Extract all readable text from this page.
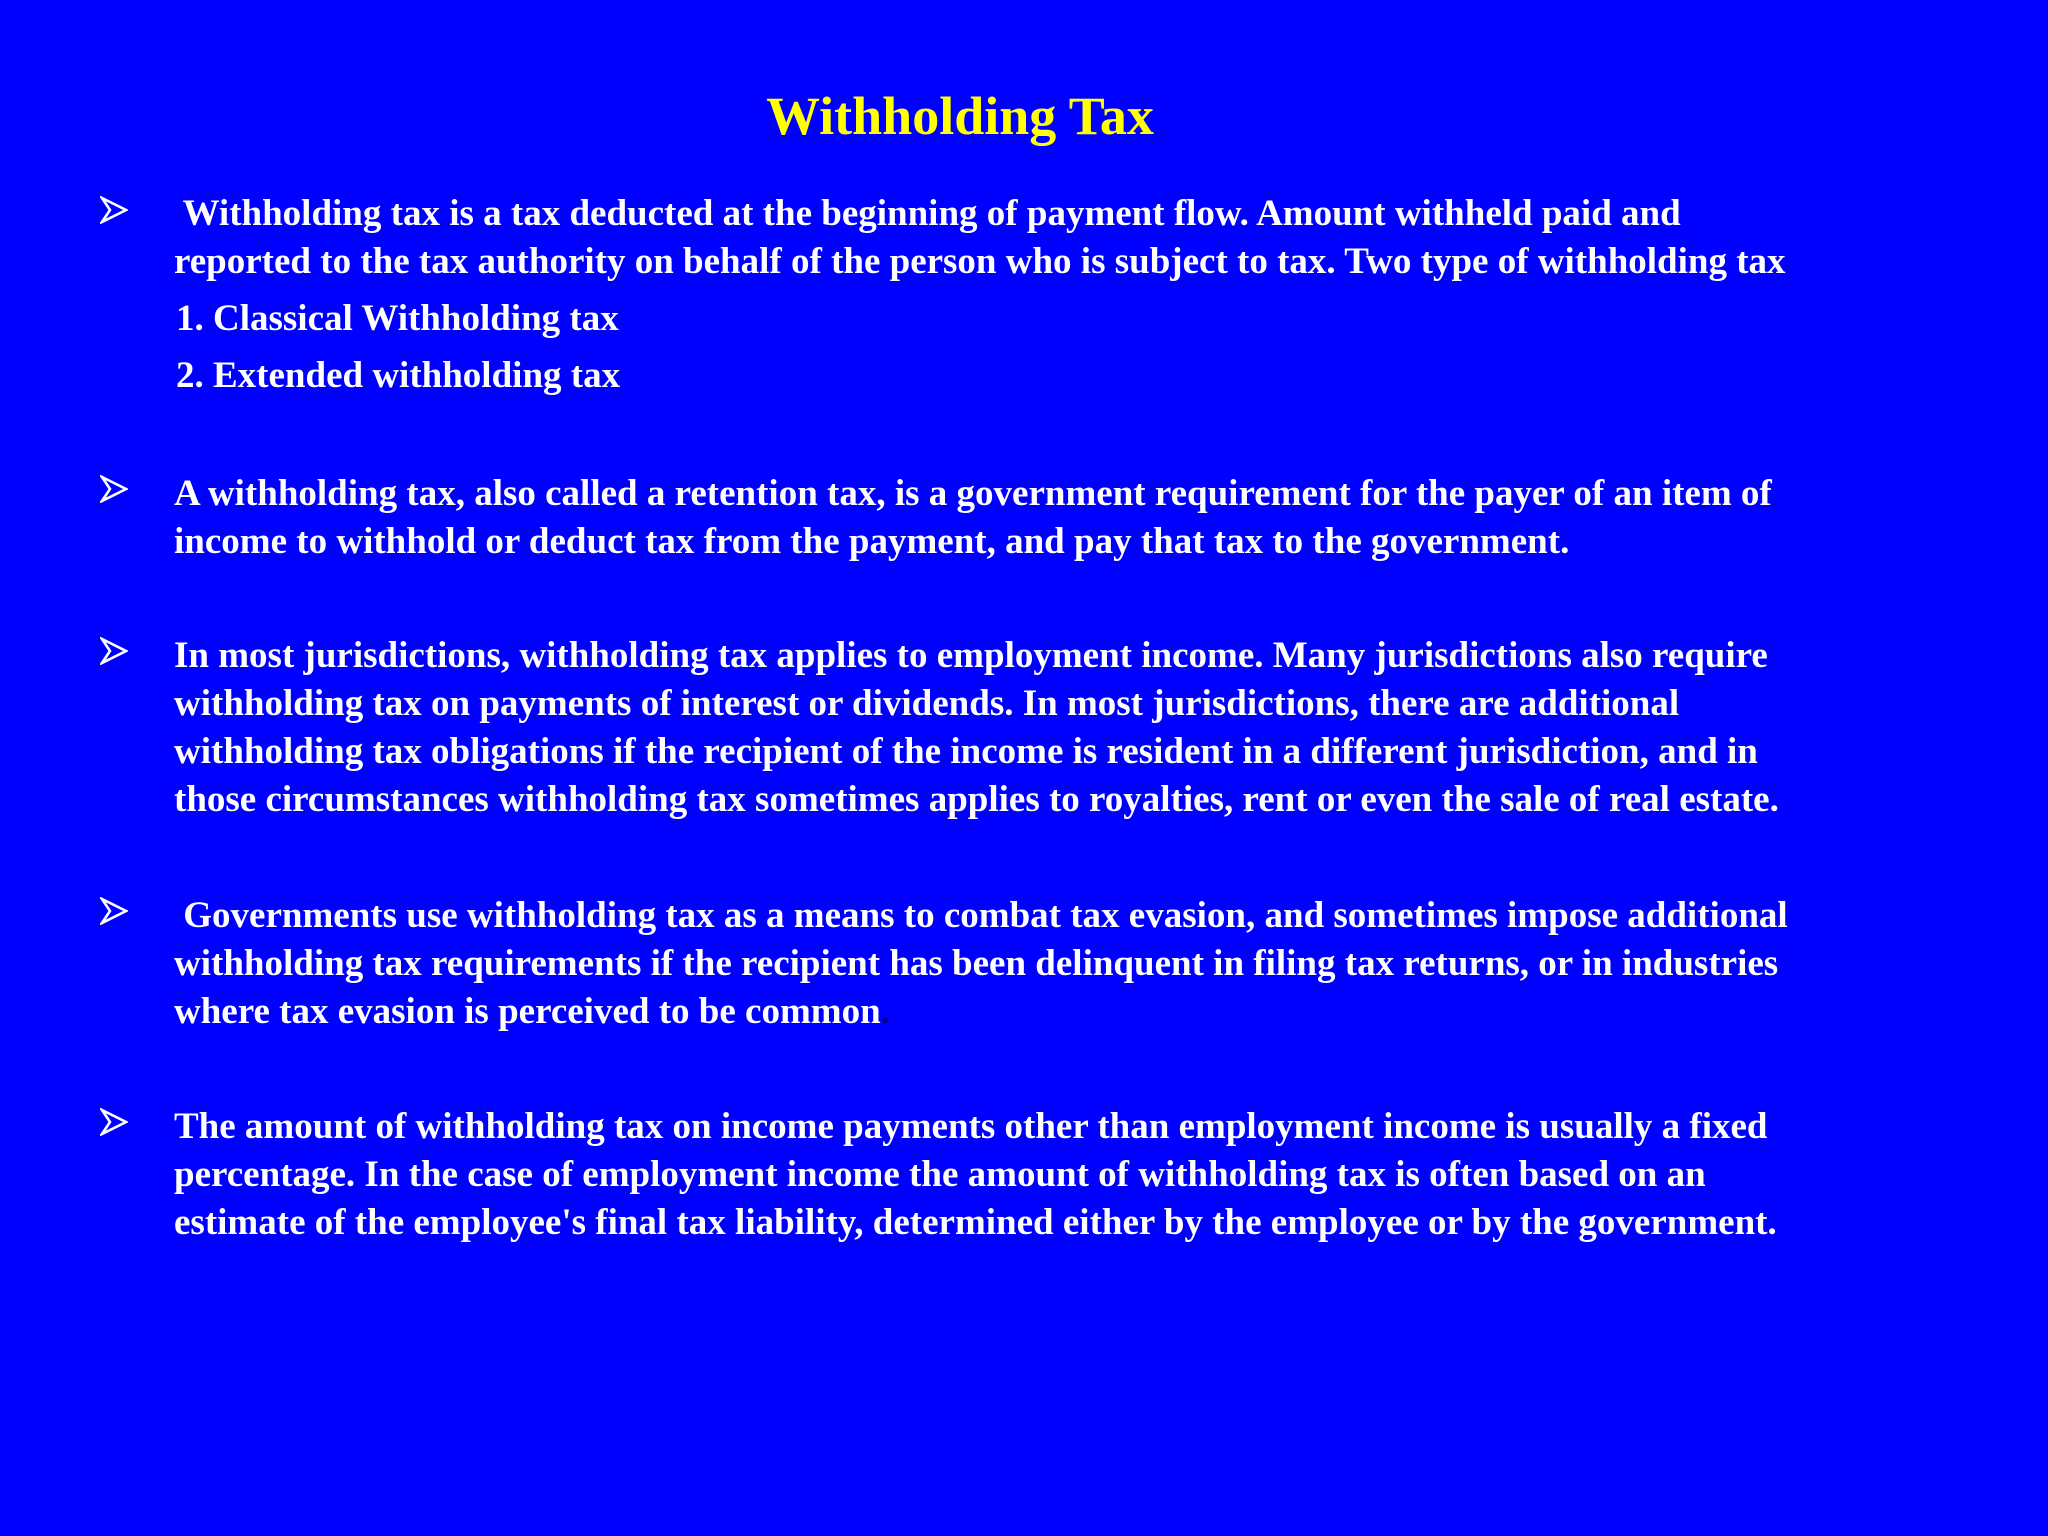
Withholding Tax
Withholding tax is a tax deducted at the beginning of payment flow. Amount withheld paid and
reported to the tax authority on behalf of the person who is subject to tax. Two type of withholding tax
1. Classical Withholding tax
2. Extended withholding tax
A withholding tax, also called a retention tax, is a government requirement for the payer of an item of
income to withhold or deduct tax from the payment, and pay that tax to the government.
In most jurisdictions, withholding tax applies to employment income. Many jurisdictions also require
withholding tax on payments of interest or dividends. In most jurisdictions, there are additional
withholding tax obligations if the recipient of the income is resident in a different jurisdiction, and in
those circumstances withholding tax sometimes applies to royalties, rent or even the sale of real estate.
Governments use withholding tax as a means to combat tax evasion, and sometimes impose additional
withholding tax requirements if the recipient has been delinquent in filing tax returns, or in industries
where tax evasion is perceived to be common.
The amount of withholding tax on income payments other than employment income is usually a fixed
percentage. In the case of employment income the amount of withholding tax is often based on an
estimate of the employee's final tax liability, determined either by the employee or by the government.
